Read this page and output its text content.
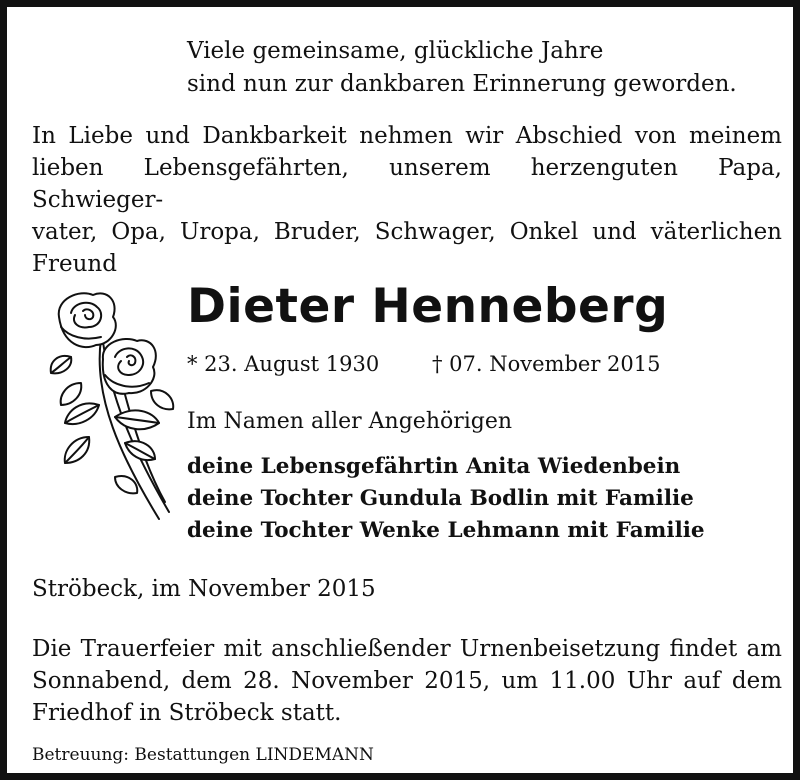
Viele gemeinsame, glückliche Jahre
sind nun zur dankbaren Erinnerung geworden.
In Liebe und Dankbarkeit nehmen wir Abschied von meinem
lieben Lebensgefährten, unserem herzenguten Papa, Schwieger-
vater, Opa, Uropa, Bruder, Schwager, Onkel und väterlichen
Freund
Dieter Henneberg
* 23. August 1930	† 07. November 2015
Im Namen aller Angehörigen
deine Lebensgefährtin Anita Wiedenbein
deine Tochter Gundula Bodlin mit Familie
deine Tochter Wenke Lehmann mit Familie
Ströbeck, im November 2015
Die Trauerfeier mit anschließender Urnenbeisetzung findet am
Sonnabend, dem 28. November 2015, um 11.00 Uhr auf dem
Friedhof in Ströbeck statt.
Betreuung: Bestattungen LINDEMANN
